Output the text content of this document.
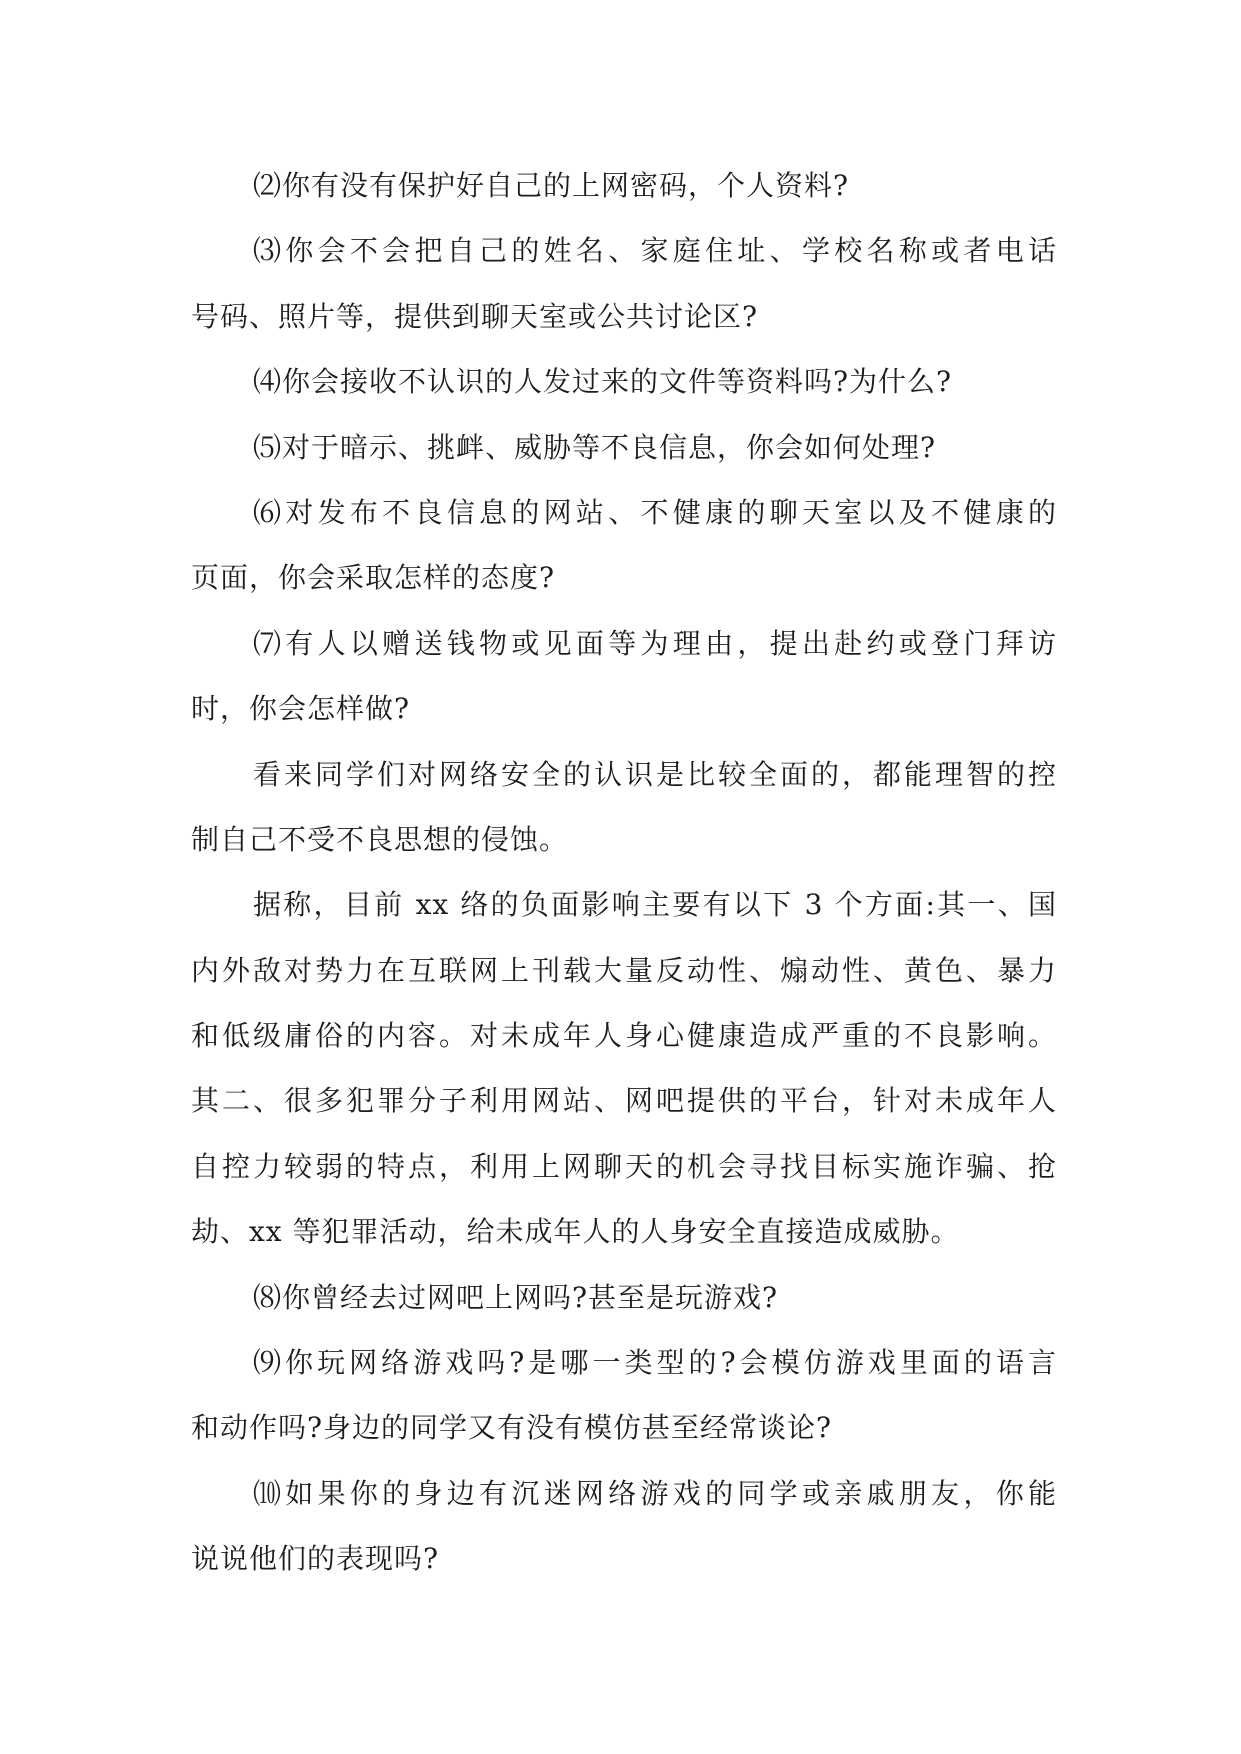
⑵你有没有保护好自己的上网密码，个人资料?
⑶你会不会把自己的姓名、家庭住址、学校名称或者电话
号码、照片等，提供到聊天室或公共讨论区?
⑷你会接收不认识的人发过来的文件等资料吗?为什么?
⑸对于暗示、挑衅、威胁等不良信息，你会如何处理?
⑹对发布不良信息的网站、不健康的聊天室以及不健康的
页面，你会采取怎样的态度?
⑺有人以赠送钱物或见面等为理由，提出赴约或登门拜访
时，你会怎样做?
看来同学们对网络安全的认识是比较全面的，都能理智的控
制自己不受不良思想的侵蚀。
据称，目前 xx 络的负面影响主要有以下 3 个方面:其一、国
内外敌对势力在互联网上刊载大量反动性、煽动性、黄色、暴力
和低级庸俗的内容。对未成年人身心健康造成严重的不良影响。
其二、很多犯罪分子利用网站、网吧提供的平台，针对未成年人
自控力较弱的特点，利用上网聊天的机会寻找目标实施诈骗、抢
劫、xx 等犯罪活动，给未成年人的人身安全直接造成威胁。
⑻你曾经去过网吧上网吗?甚至是玩游戏?
⑼你玩网络游戏吗?是哪一类型的?会模仿游戏里面的语言
和动作吗?身边的同学又有没有模仿甚至经常谈论?
⑽如果你的身边有沉迷网络游戏的同学或亲戚朋友，你能
说说他们的表现吗?
